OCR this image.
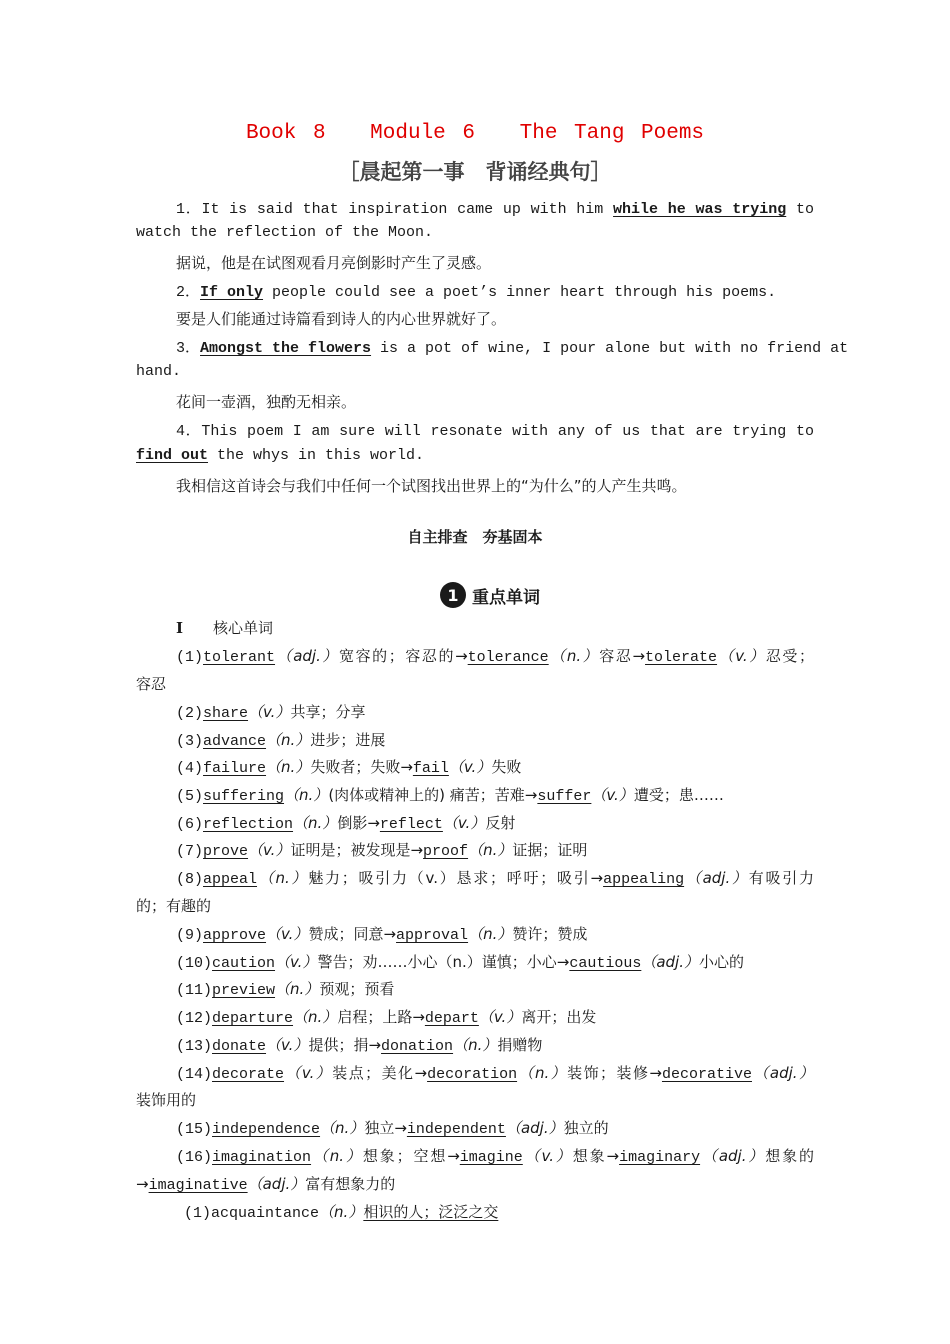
Book 8 Module 6 The Tang Poems
［晨起第一事　背诵经典句］
1．It is said that inspiration came up with him while he was trying to
watch the reflection of the Moon.
据说，他是在试图观看月亮倒影时产生了灵感。
2．If only people could see a poet’s inner heart through his poems.
要是人们能通过诗篇看到诗人的内心世界就好了。
3．Amongst the flowers is a pot of wine, I pour alone but with no friend at
hand.
花间一壶酒，独酌无相亲。
4．This poem I am sure will resonate with any of us that are trying to
find out the whys in this world.
我相信这首诗会与我们中任何一个试图找出世界上的“为什么”的人产生共鸣。
自主排查　夯基固本
1 重点单词
Ⅰ 核心单词
(1)tolerant（adj.）宽容的；容忍的→tolerance（n.）容忍→tolerate（v.）忍受；
容忍
(2)share（v.）共享；分享
(3)advance（n.）进步；进展
(4)failure（n.）失败者；失败→fail（v.）失败
(5)suffering（n.）(肉体或精神上的) 痛苦；苦难→suffer（v.）遭受；患……
(6)reflection（n.）倒影→reflect（v.）反射
(7)prove（v.）证明是；被发现是→proof（n.）证据；证明
(8)appeal（n.）魅力；吸引力（v.）恳求；呼吁；吸引→appealing（adj.）有吸引力
的；有趣的
(9)approve（v.）赞成；同意→approval（n.）赞许；赞成
(10)caution（v.）警告；劝……小心（n.）谨慎；小心→cautious（adj.）小心的
(11)preview（n.）预观；预看
(12)departure（n.）启程；上路→depart（v.）离开；出发
(13)donate（v.）提供；捐→donation（n.）捐赠物
(14)decorate（v.）装点；美化→decoration（n.）装饰；装修→decorative（adj.）
装饰用的
(15)independence（n.）独立→independent（adj.）独立的
(16)imagination（n.）想象；空想→imagine（v.）想象→imaginary（adj.）想象的
→imaginative（adj.）富有想象力的
(1)acquaintance（n.）相识的人；泛泛之交
